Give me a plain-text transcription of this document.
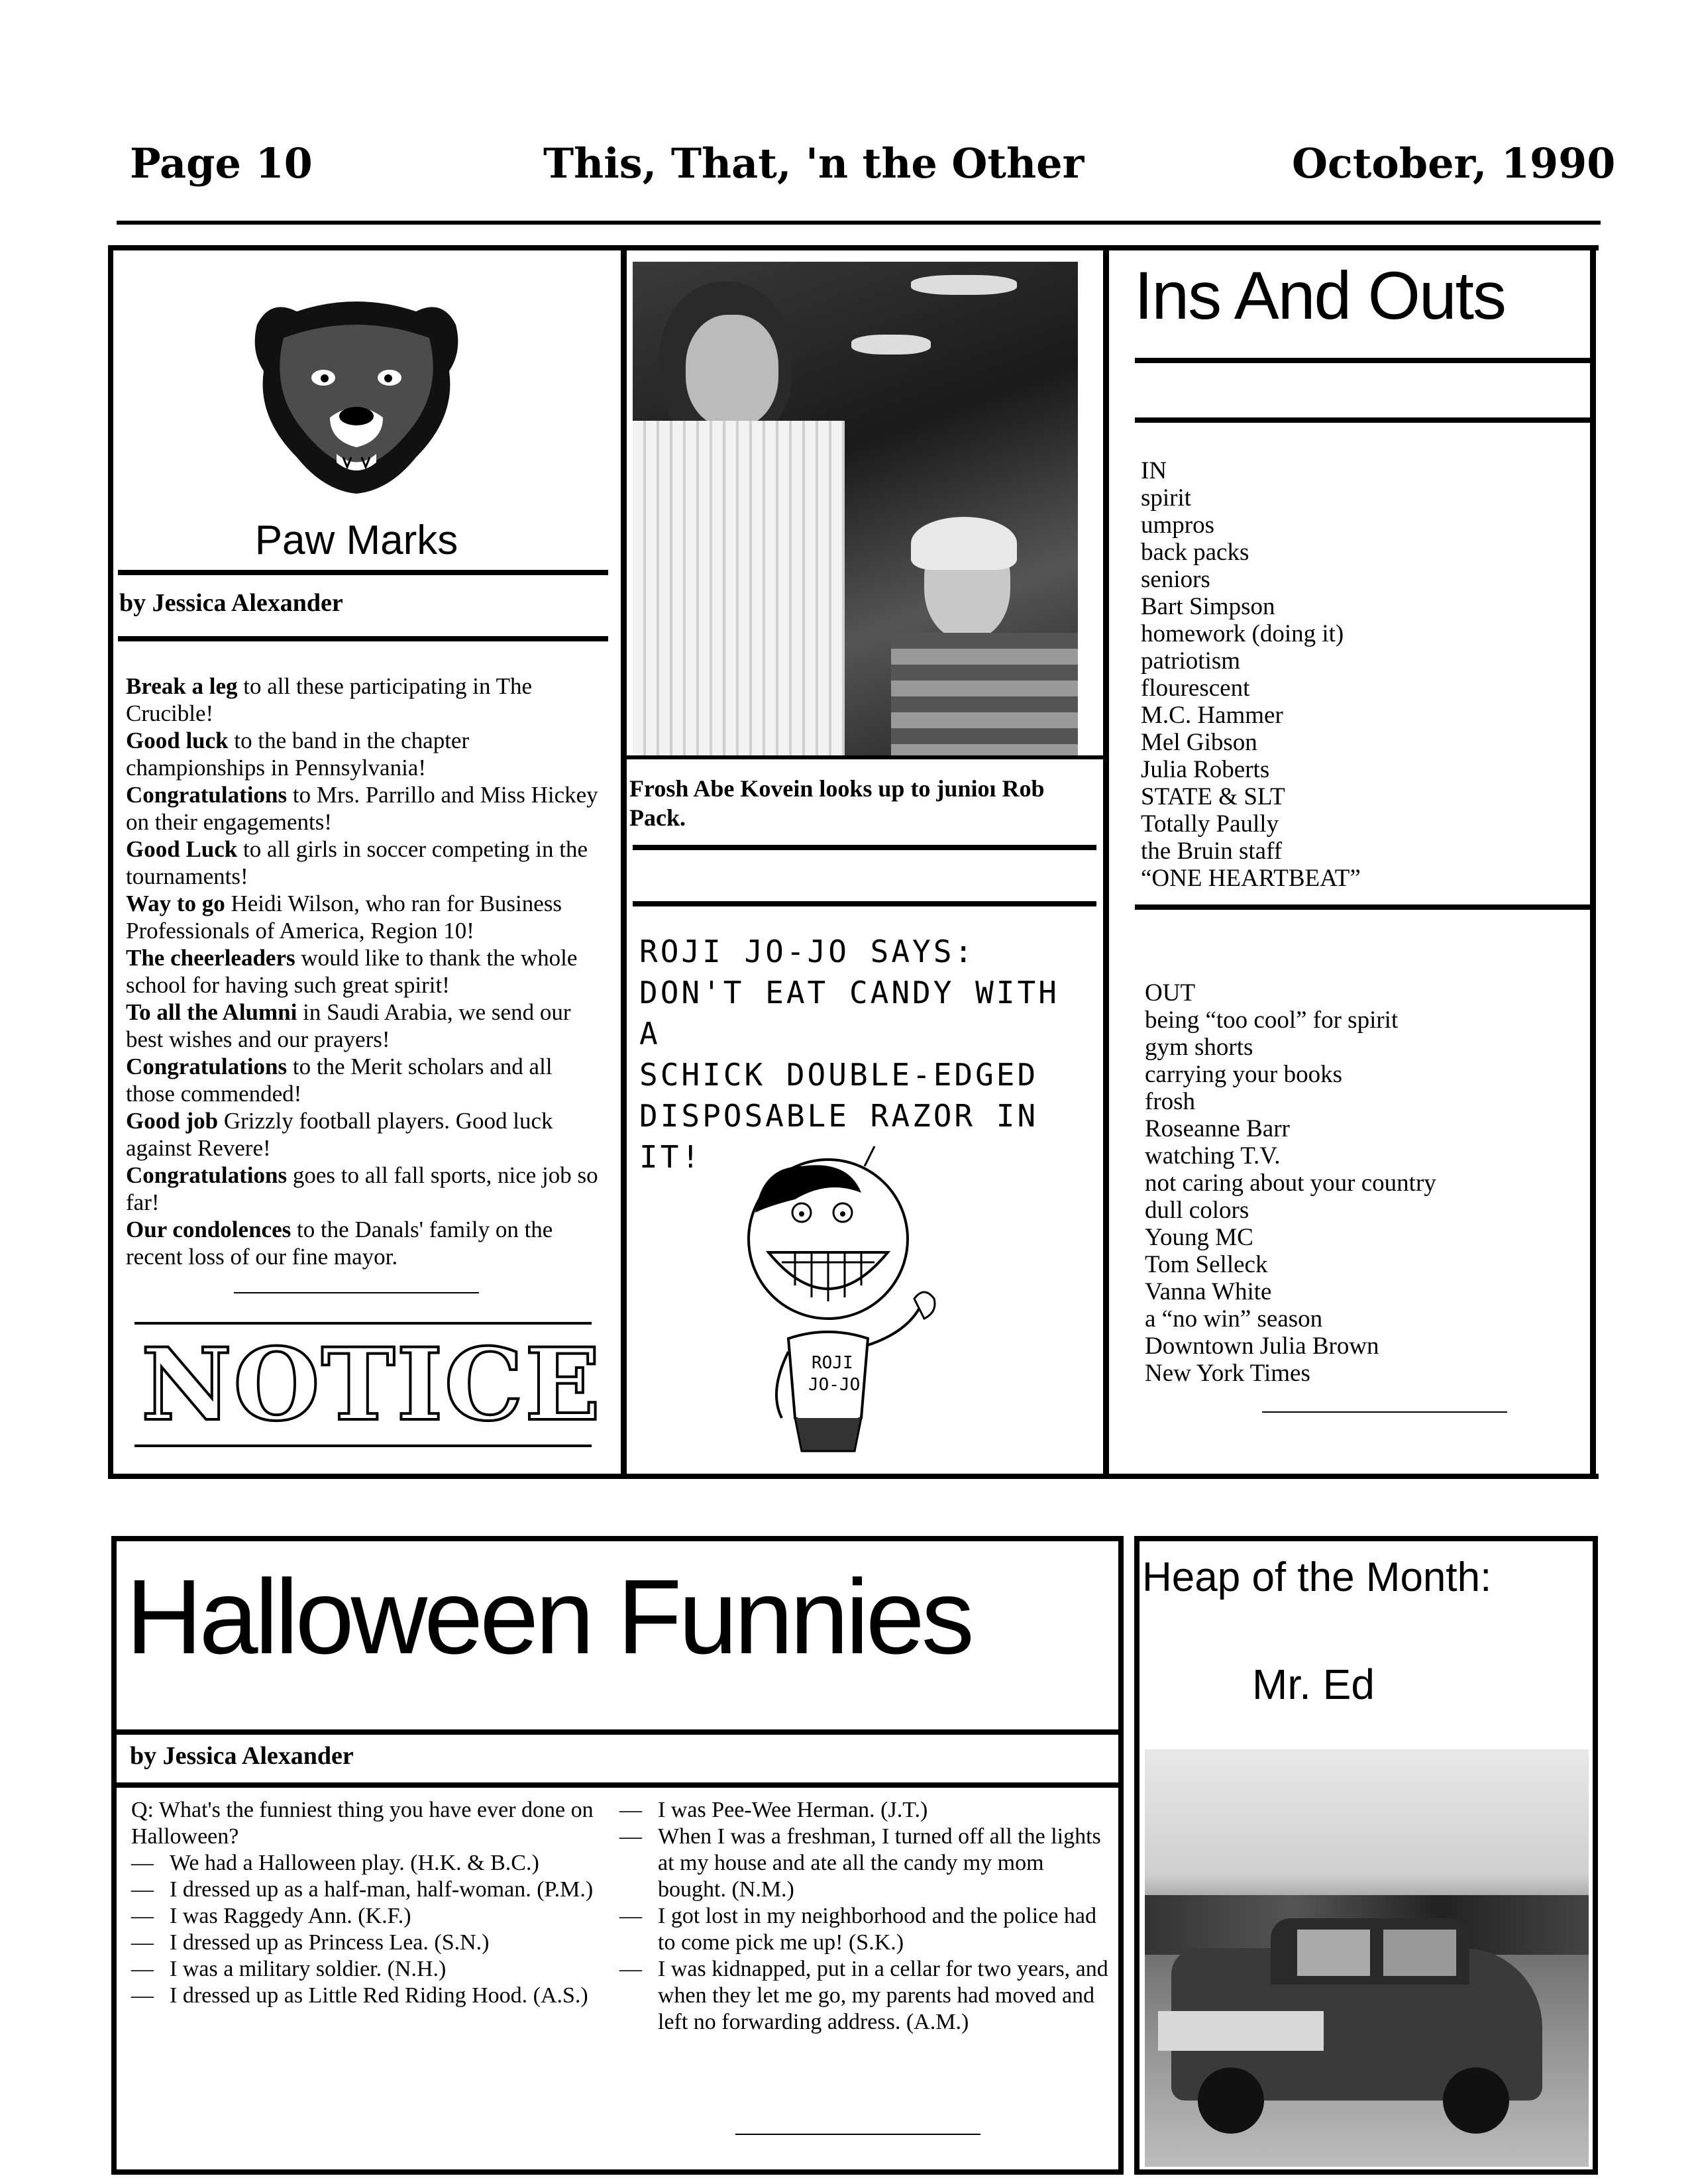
Page 10	This, That, 'n the Other	October, 1990
Paw Marks
by Jessica Alexander
Break a leg to all these participating in The Crucible!
Good luck to the band in the chapter championships in Pennsylvania!
Congratulations to Mrs. Parrillo and Miss Hickey on their engagements!
Good Luck to all girls in soccer competing in the tournaments!
Way to go Heidi Wilson, who ran for Business Professionals of America, Region 10!
The cheerleaders would like to thank the whole school for having such great spirit!
To all the Alumni in Saudi Arabia, we send our best wishes and our prayers!
Congratulations to the Merit scholars and all those commended!
Good job Grizzly football players. Good luck against Revere!
Congratulations goes to all fall sports, nice job so far!
Our condolences to the Danals' family on the recent loss of our fine mayor.
NOTICE
Frosh Abe Kovein looks up to junioı Rob Pack.
ROJI JO-JO SAYS:
DON'T EAT CANDY WITH A
SCHICK DOUBLE-EDGED
DISPOSABLE RAZOR IN IT!
ROJI
JO-JO
Ins And Outs
IN
spirit
umpros
back packs
seniors
Bart Simpson
homework (doing it)
patriotism
flourescent
M.C. Hammer
Mel Gibson
Julia Roberts
STATE & SLT
Totally Paully
the Bruin staff
“ONE HEARTBEAT”
OUT
being “too cool” for spirit
gym shorts
carrying your books
frosh
Roseanne Barr
watching T.V.
not caring about your country
dull colors
Young MC
Tom Selleck
Vanna White
a “no win” season
Downtown Julia Brown
New York Times
Halloween Funnies
by Jessica Alexander
Q: What's the funniest thing you have ever done on Halloween?
— We had a Halloween play. (H.K. & B.C.)
— I dressed up as a half-man, half-woman. (P.M.)
— I was Raggedy Ann. (K.F.)
— I dressed up as Princess Lea. (S.N.)
— I was a military soldier. (N.H.)
— I dressed up as Little Red Riding Hood. (A.S.)
— I was Pee-Wee Herman. (J.T.)
— When I was a freshman, I turned off all the lights at my house and ate all the candy my mom bought. (N.M.)
— I got lost in my neighborhood and the police had to come pick me up! (S.K.)
— I was kidnapped, put in a cellar for two years, and when they let me go, my parents had moved and left no forwarding address. (A.M.)
Heap of the Month:
Mr. Ed
